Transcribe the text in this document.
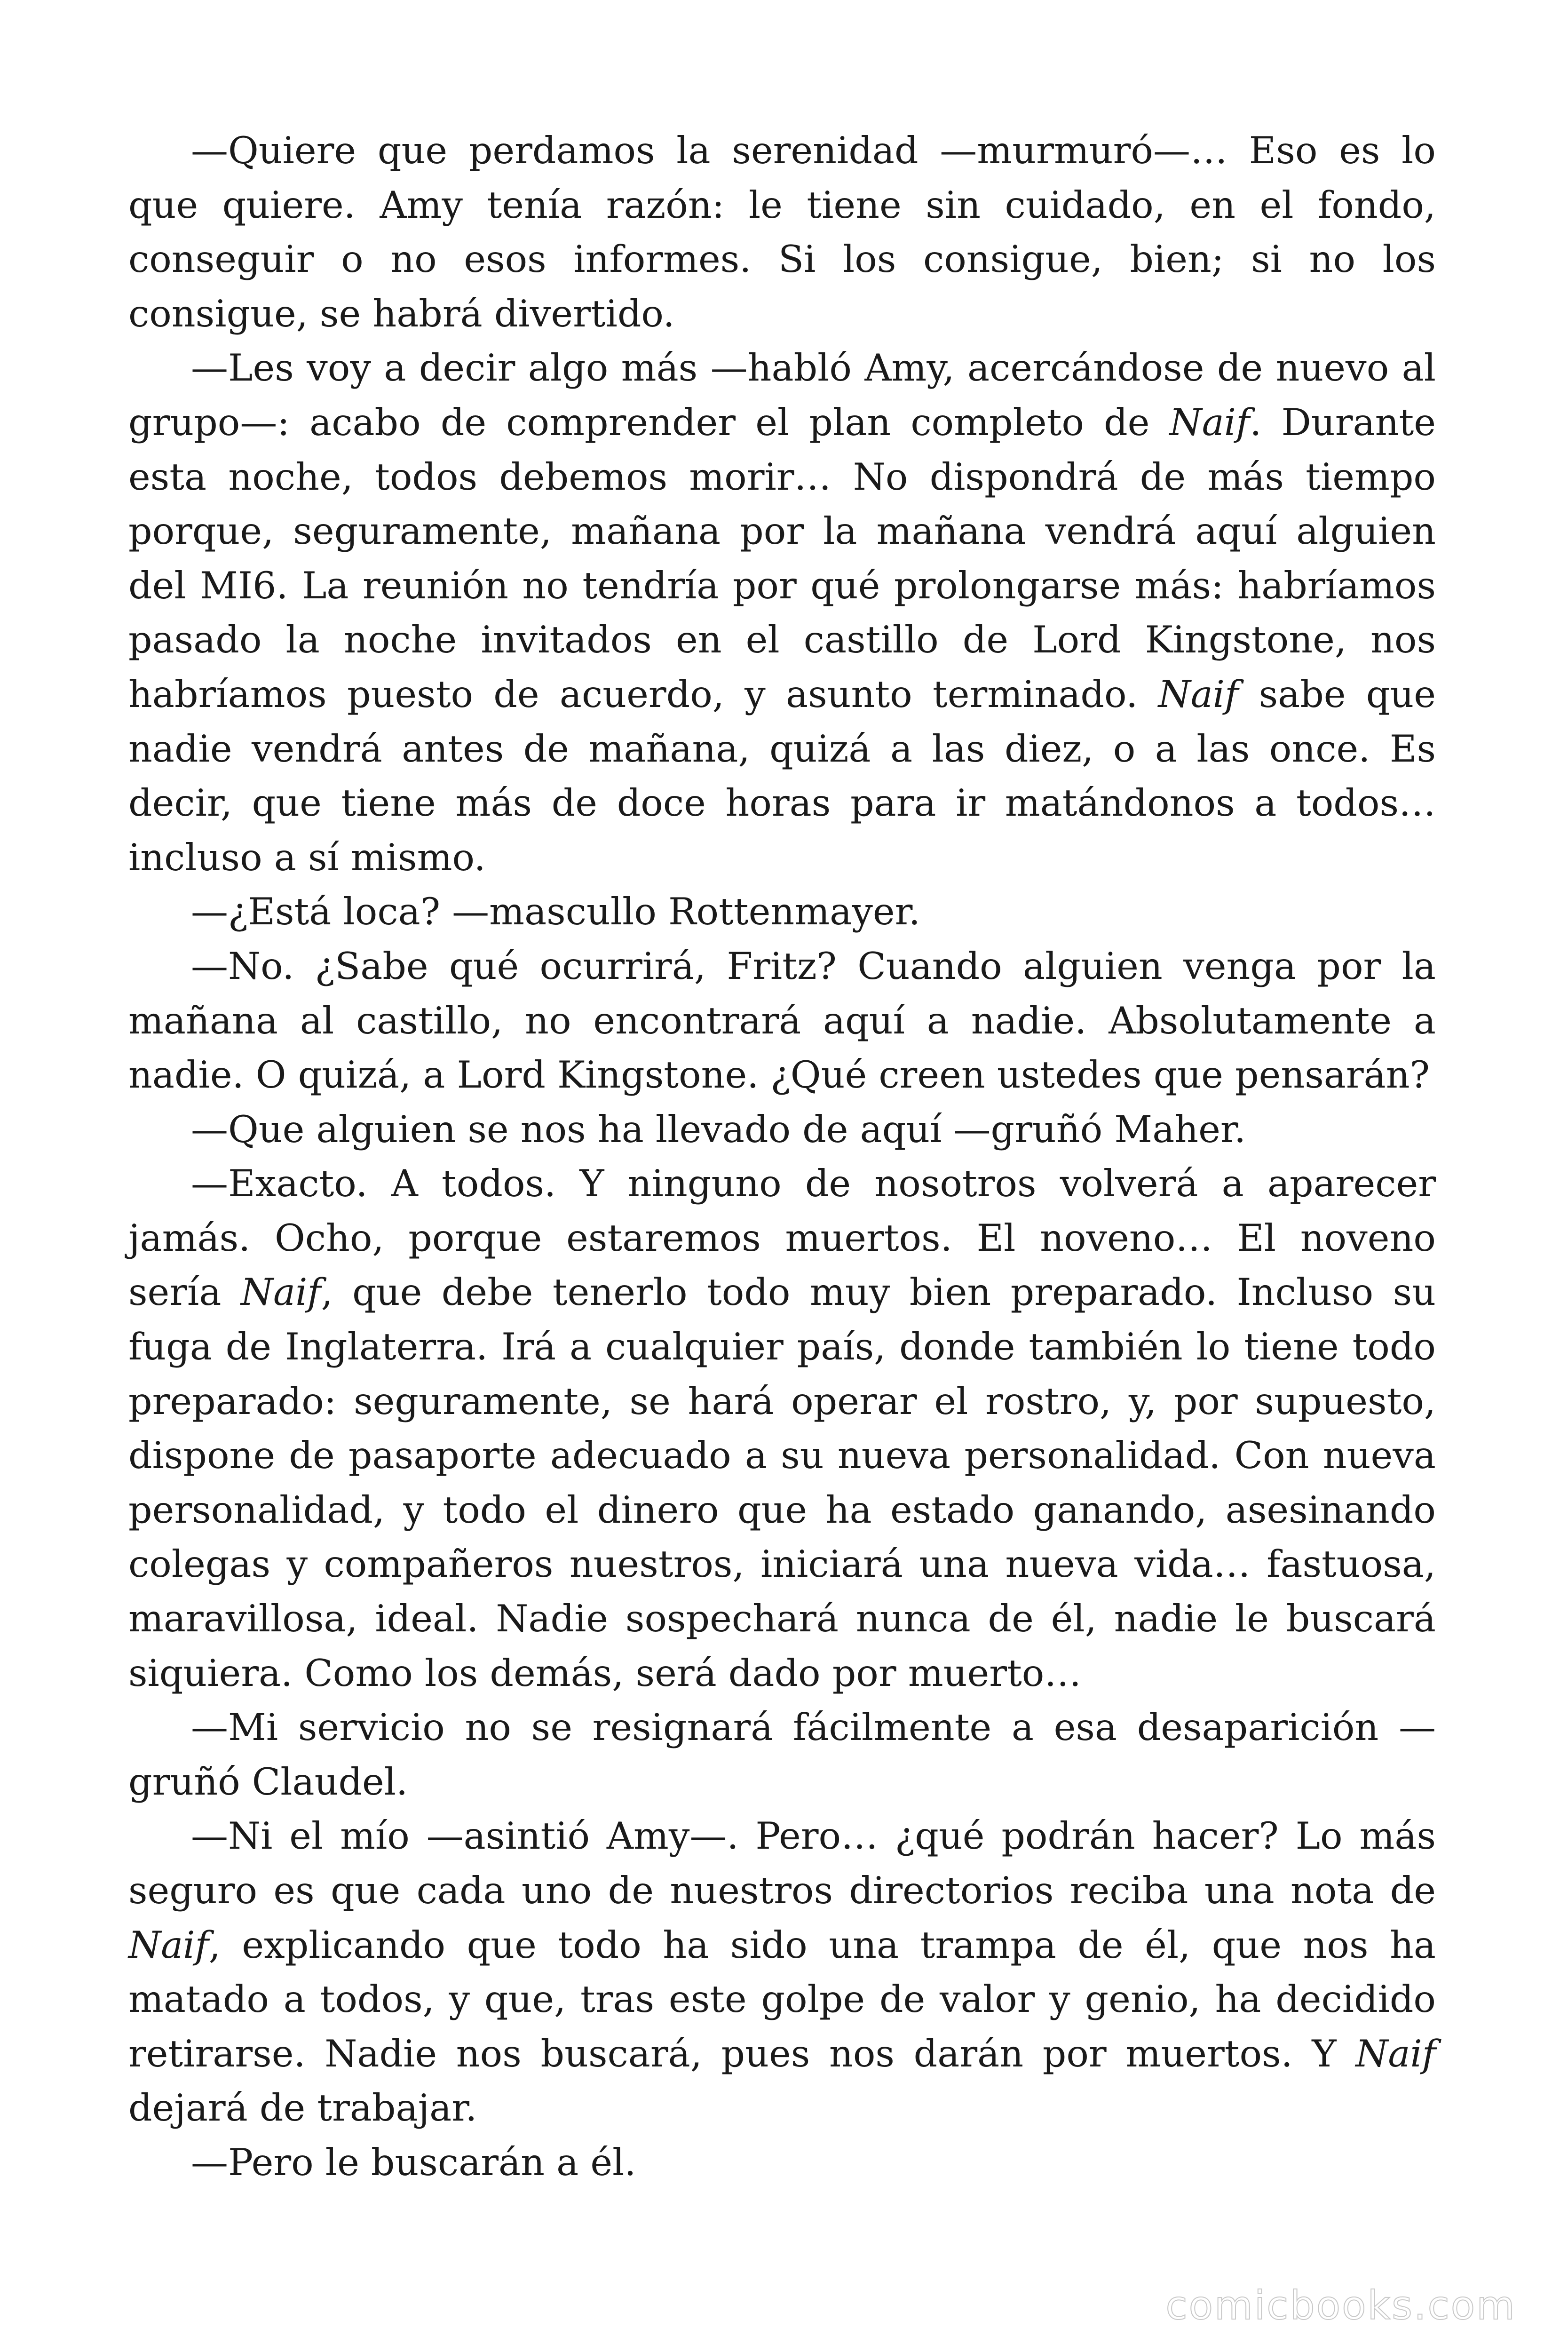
—Quiere que perdamos la serenidad —murmuró—… Eso es lo que quiere. Amy tenía razón: le tiene sin cuidado, en el fondo, conseguir o no esos informes. Si los consigue, bien; si no los consigue, se habrá divertido.

—Les voy a decir algo más —habló Amy, acercándose de nuevo al grupo—: acabo de comprender el plan completo de Naif. Durante esta noche, todos debemos morir… No dispondrá de más tiempo porque, seguramente, mañana por la mañana vendrá aquí alguien del MI6. La reunión no tendría por qué prolongarse más: habríamos pasado la noche invitados en el castillo de Lord Kingstone, nos habríamos puesto de acuerdo, y asunto terminado. Naif sabe que nadie vendrá antes de mañana, quizá a las diez, o a las once. Es decir, que tiene más de doce horas para ir matándonos a todos… incluso a sí mismo.

—¿Está loca? —mascullo Rottenmayer.

—No. ¿Sabe qué ocurrirá, Fritz? Cuando alguien venga por la mañana al castillo, no encontrará aquí a nadie. Absolutamente a nadie. O quizá, a Lord Kingstone. ¿Qué creen ustedes que pensarán?

—Que alguien se nos ha llevado de aquí —gruñó Maher.

—Exacto. A todos. Y ninguno de nosotros volverá a aparecer jamás. Ocho, porque estaremos muertos. El noveno… El noveno sería Naif, que debe tenerlo todo muy bien preparado. Incluso su fuga de Inglaterra. Irá a cualquier país, donde también lo tiene todo preparado: seguramente, se hará operar el rostro, y, por supuesto, dispone de pasaporte adecuado a su nueva personalidad. Con nueva personalidad, y todo el dinero que ha estado ganando, asesinando colegas y compañeros nuestros, iniciará una nueva vida… fastuosa, maravillosa, ideal. Nadie sospechará nunca de él, nadie le buscará siquiera. Como los demás, será dado por muerto…

—Mi servicio no se resignará fácilmente a esa desaparición —gruñó Claudel.

—Ni el mío —asintió Amy—. Pero… ¿qué podrán hacer? Lo más seguro es que cada uno de nuestros directorios reciba una nota de Naif, explicando que todo ha sido una trampa de él, que nos ha matado a todos, y que, tras este golpe de valor y genio, ha decidido retirarse. Nadie nos buscará, pues nos darán por muertos. Y Naif dejará de trabajar.

—Pero le buscarán a él.

comicbooks.com
